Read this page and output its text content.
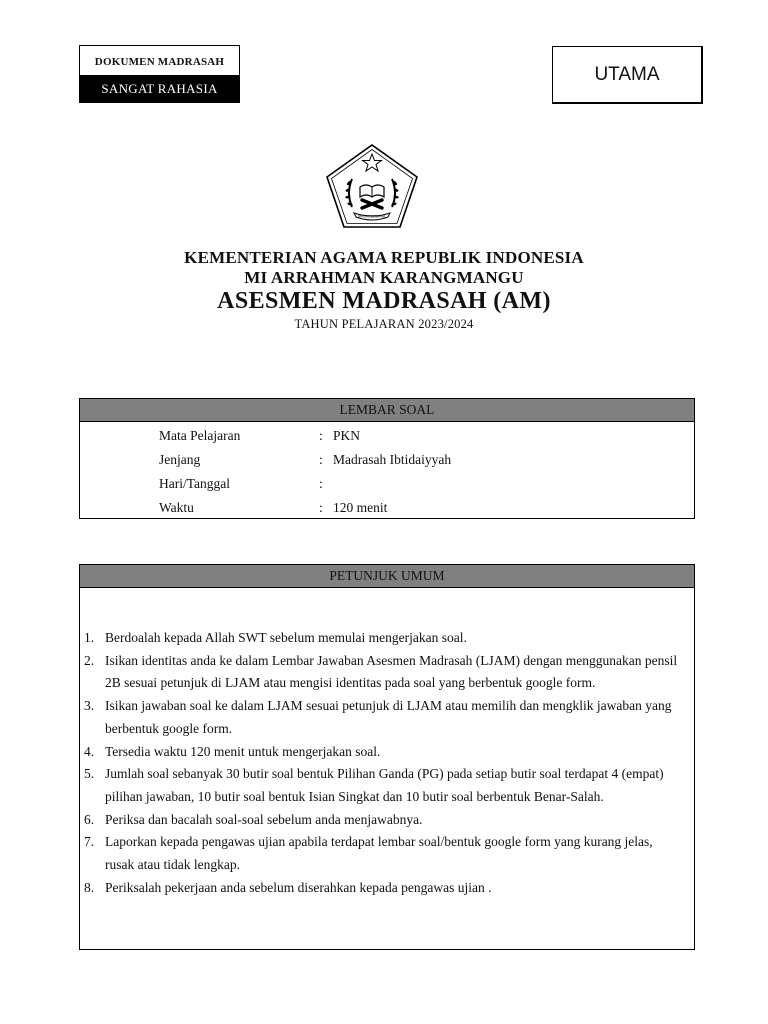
DOKUMEN MADRASAH
SANGAT RAHASIA
UTAMA
IKHLAS BERAMAL
KEMENTERIAN AGAMA REPUBLIK INDONESIA
MI ARRAHMAN KARANGMANGU
ASESMEN MADRASAH (AM)
TAHUN PELAJARAN 2023/2024
LEMBAR SOAL
Mata Pelajaran	: PKN
Jenjang	: Madrasah Ibtidaiyyah
Hari/Tanggal	:
Waktu	: 120 menit
PETUNJUK UMUM
1. Berdoalah kepada Allah SWT sebelum memulai mengerjakan soal.
2. Isikan identitas anda ke dalam Lembar Jawaban Asesmen Madrasah (LJAM) dengan menggunakan pensil 2B sesuai petunjuk di LJAM atau mengisi identitas pada soal yang berbentuk google form.
3. Isikan jawaban soal ke dalam LJAM sesuai petunjuk di LJAM atau memilih dan mengklik jawaban yang berbentuk google form.
4. Tersedia waktu 120 menit untuk mengerjakan soal.
5. Jumlah soal sebanyak 30 butir soal bentuk Pilihan Ganda (PG) pada setiap butir soal terdapat 4 (empat) pilihan jawaban, 10 butir soal bentuk Isian Singkat dan 10 butir soal berbentuk Benar-Salah.
6. Periksa dan bacalah soal-soal sebelum anda menjawabnya.
7. Laporkan kepada pengawas ujian apabila terdapat lembar soal/bentuk google form yang kurang jelas, rusak atau tidak lengkap.
8. Periksalah pekerjaan anda sebelum diserahkan kepada pengawas ujian .
